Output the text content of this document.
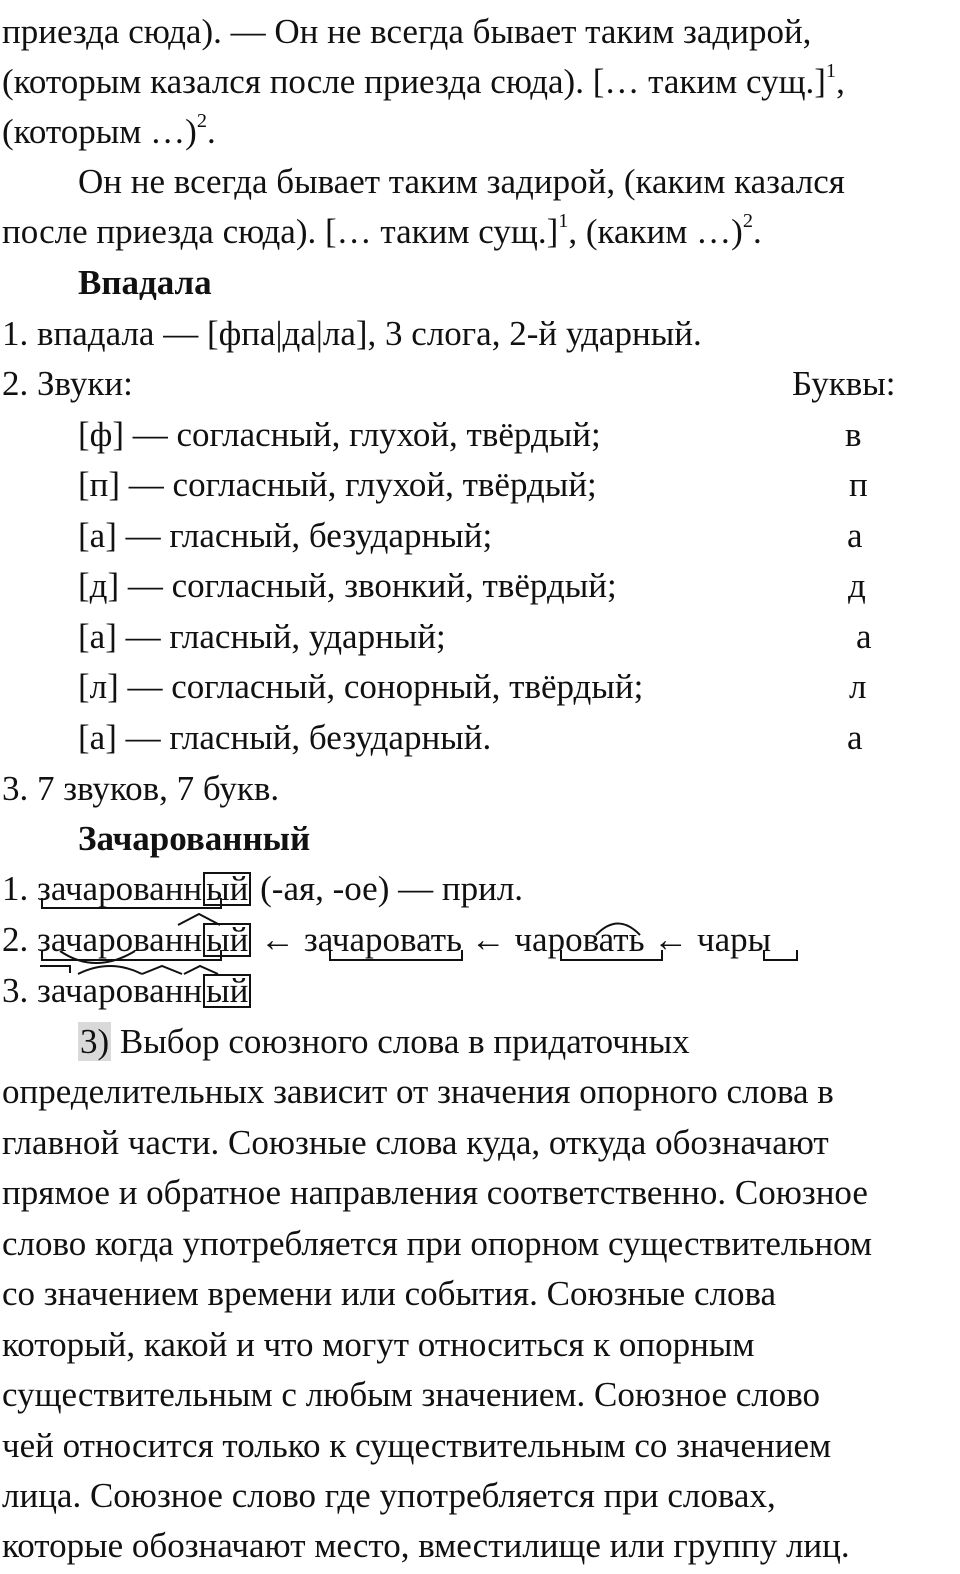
приезда сюда). — Он не всегда бывает таким задирой,
(которым казался после приезда сюда). [… таким сущ.]$^1$,
(которым …)$^2$.
Он не всегда бывает таким задирой, (каким казался
после приезда сюда). [… таким сущ.]$^1$, (каким …)$^2$.
Впадала
1. впадала — [фпа|да|ла], 3 слога, 2-й ударный.
2. Звуки:	Буквы:
[ф] — согласный, глухой, твёрдый;	в
[п] — согласный, глухой, твёрдый;	п
[а] — гласный, безударный;	а
[д] — согласный, звонкий, твёрдый;	д
[а] — гласный, ударный;	а
[л] — согласный, сонорный, твёрдый;	л
[а] — гласный, безударный.	а
3. 7 звуков, 7 букв.
Зачарованный
1. зачарованн ый (-ая, -ое) — прил.
2. зачарованн ый ← зачаровать ← чаровать ← чары
3. зачарованн ый
3) Выбор союзного слова в придаточных
определительных зависит от значения опорного слова в
главной части. Союзные слова куда, откуда обозначают
прямое и обратное направления соответственно. Союзное
слово когда употребляется при опорном существительном
со значением времени или события. Союзные слова
который, какой и что могут относиться к опорным
существительным с любым значением. Союзное слово
чей относится только к существительным со значением
лица. Союзное слово где употребляется при словах,
которые обозначают место, вместилище или группу лиц.
